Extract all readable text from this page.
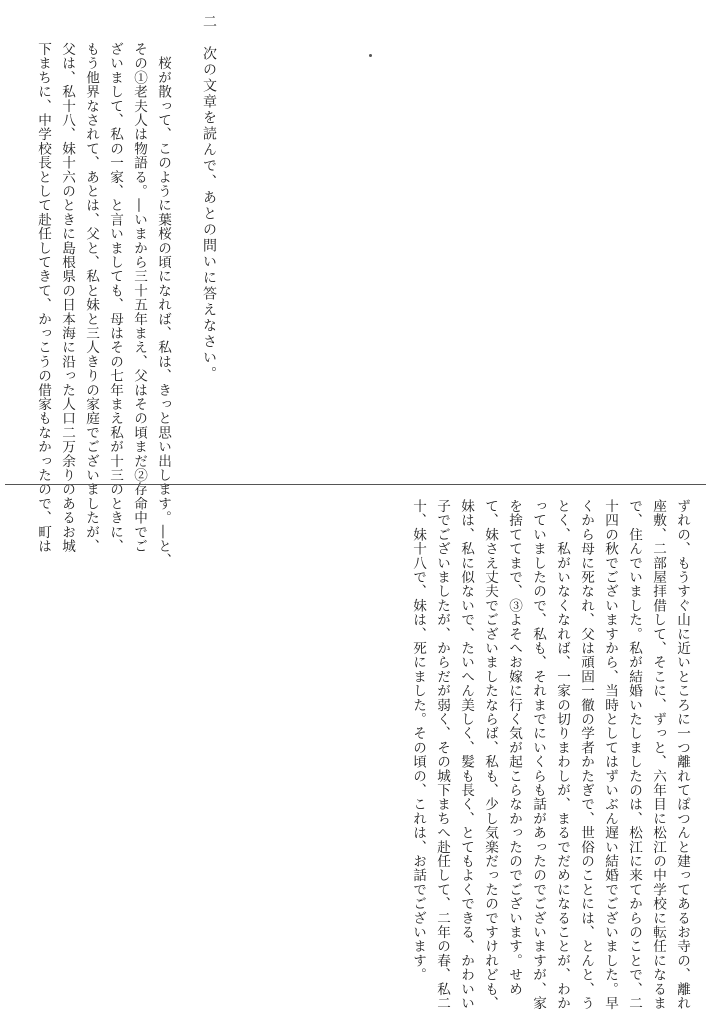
二　次の文章を読んで、あとの問いに答えなさい。
　桜が散って、このように葉桜の頃になれば、私は、きっと思い出します。―と、
その①老夫人は物語る。―いまから三十五年まえ、父はその頃まだ②存命中でご
ざいまして、私の一家、と言いましても、母はその七年まえ私が十三のときに、
もう他界なされて、あとは、父と、私と妹と三人きりの家庭でございましたが、
父は、私十八、妹十六のときに島根県の日本海に沿った人口二万余りのあるお城
下まちに、中学校長として赴任してきて、かっこうの借家もなかったので、町は
ずれの、もうすぐ山に近いところに一つ離れてぽつんと建ってあるお寺の、離れ
座敷、二部屋拝借して、そこに、ずっと、六年目に松江の中学校に転任になるま
で、住んでいました。私が結婚いたしましたのは、松江に来てからのことで、二
十四の秋でございますから、当時としてはずいぶん遅い結婚でございました。早
くから母に死なれ、父は頑固一徹の学者かたぎで、世俗のことには、とんと、う
とく、私がいなくなれば、一家の切りまわしが、まるでだめになることが、わか
っていましたので、私も、それまでにいくらも話があったのでございますが、家
を捨ててまで、③よそへお嫁に行く気が起こらなかったのでございます。せめ
て、妹さえ丈夫でございましたならば、私も、少し気楽だったのですけれども、
妹は、私に似ないで、たいへん美しく、髪も長く、とてもよくできる、かわいい
子でございましたが、からだが弱く、その城下まちへ赴任して、二年の春、私二
十、妹十八で、妹は、死にました。その頃の、これは、お話でございます。
